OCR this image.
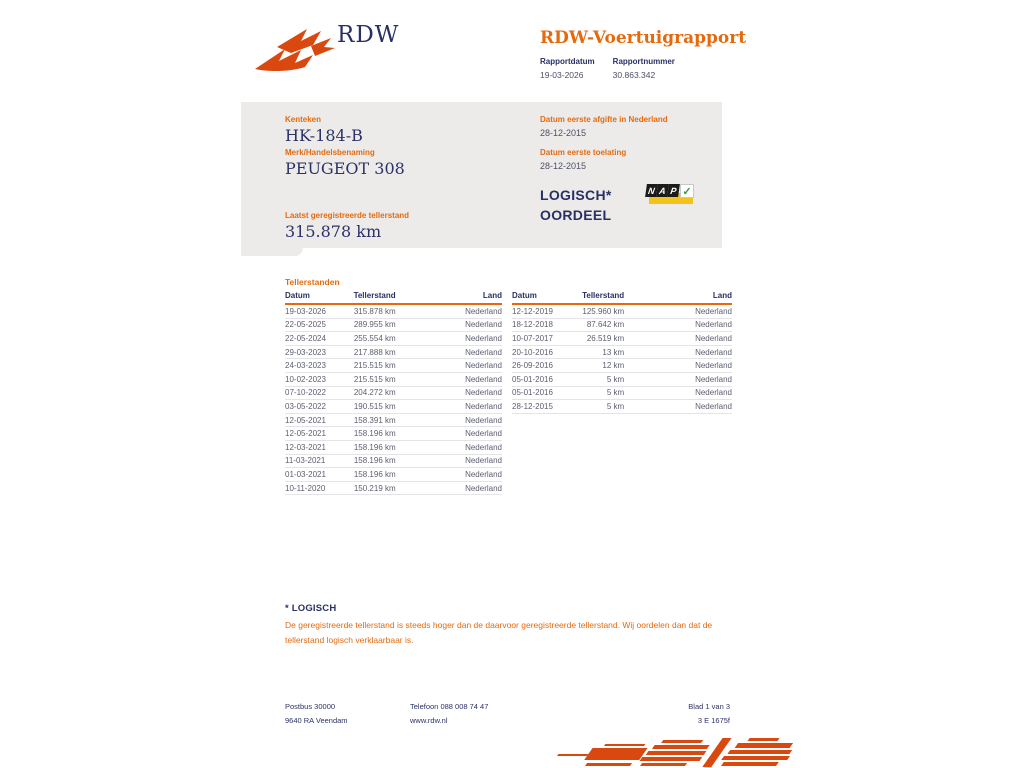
RDW	RDW-Voertuigrapport
Rapportdatum
19-03-2026
Rapportnummer
30.863.342
Kenteken
HK-184-B
Merk/Handelsbenaming
PEUGEOT 308
Laatst geregistreerde tellerstand
315.878 km
Datum eerste afgifte in Nederland
28-12-2015
Datum eerste toelating
28-12-2015
LOGISCH*
OORDEEL
N A P ✓
Tellerstanden
Datum	Tellerstand	Land
19-03-2026	315.878 km	Nederland
22-05-2025	289.955 km	Nederland
22-05-2024	255.554 km	Nederland
29-03-2023	217.888 km	Nederland
24-03-2023	215.515 km	Nederland
10-02-2023	215.515 km	Nederland
07-10-2022	204.272 km	Nederland
03-05-2022	190.515 km	Nederland
12-05-2021	158.391 km	Nederland
12-05-2021	158.196 km	Nederland
12-03-2021	158.196 km	Nederland
11-03-2021	158.196 km	Nederland
01-03-2021	158.196 km	Nederland
10-11-2020	150.219 km	Nederland
Datum	Tellerstand	Land
12-12-2019	125.960 km	Nederland
18-12-2018	87.642 km	Nederland
10-07-2017	26.519 km	Nederland
20-10-2016	13 km	Nederland
26-09-2016	12 km	Nederland
05-01-2016	5 km	Nederland
05-01-2016	5 km	Nederland
28-12-2015	5 km	Nederland
* LOGISCH
De geregistreerde tellerstand is steeds hoger dan de daarvoor geregistreerde tellerstand. Wij oordelen dan dat de tellerstand logisch verklaarbaar is.
Postbus 30000
9640 RA Veendam
Telefoon 088 008 74 47
www.rdw.nl
Blad 1 van 3
3 E 1675f
